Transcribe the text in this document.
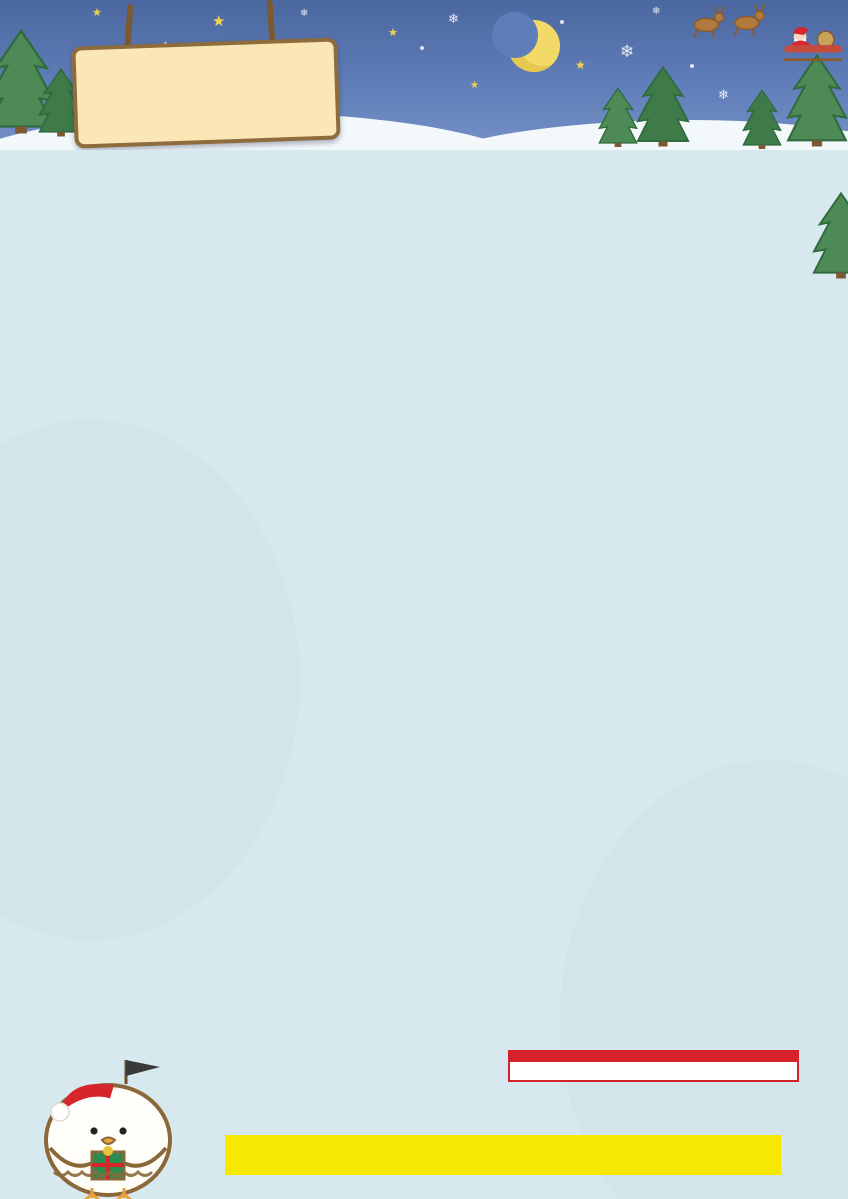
★
★
★
★
★
❄	❄
❄
❄
❄
